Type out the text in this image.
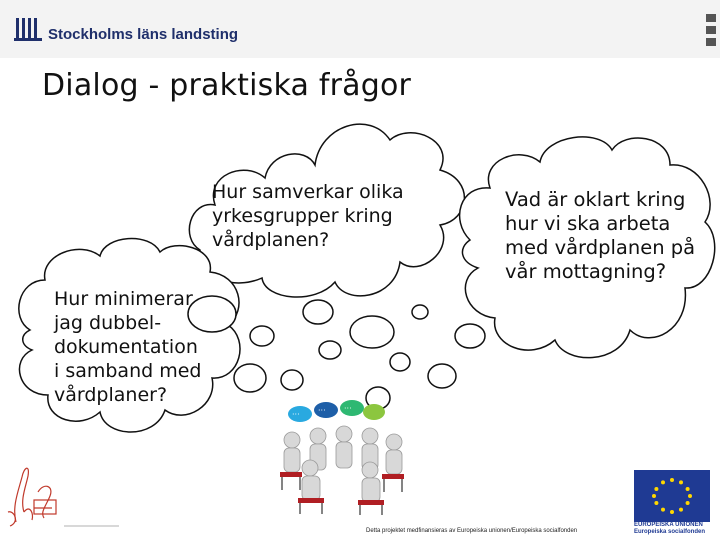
Stockholms läns landsting
Dialog - praktiska frågor
Hur samverkar olika
yrkesgrupper kring
vårdplanen?
Vad är oklart kring
hur vi ska arbeta
med vårdplanen på
vår mottagning?
Hur minimerar
jag dubbel-
dokumentation
i samband med
vårdplaner?
··· ··· ···
EUROPEISKA UNIONEN
Europeiska socialfonden
Detta projektet medfinansieras av Europeiska unionen/Europeiska socialfonden
